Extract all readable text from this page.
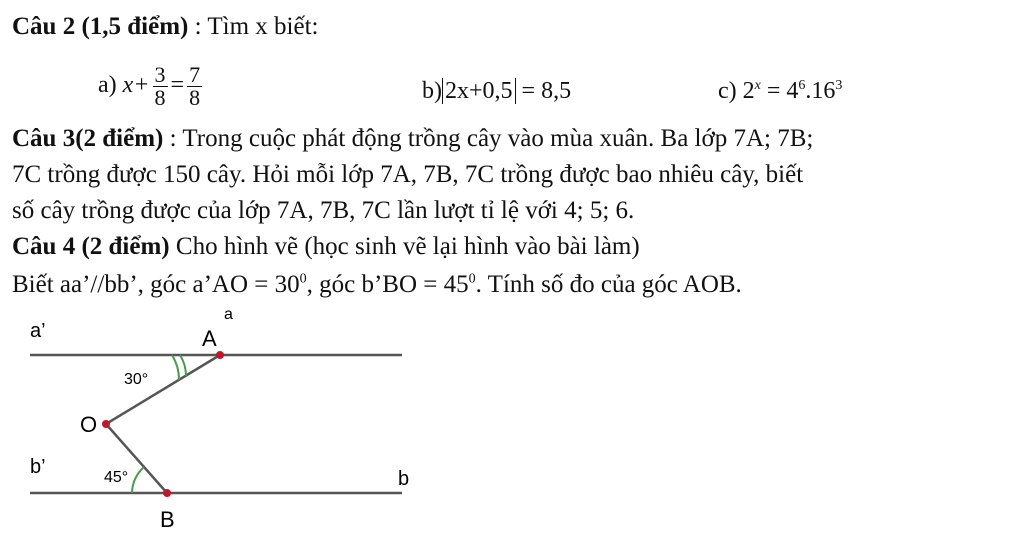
Câu 2 (1,5 điểm) : Tìm x biết:
a) $x+ \frac{3}{8} = \frac{7}{8}$	b) 2x+0,5 = 8,5	c) $2^x = 4^6.16^3$
Câu 3(2 điểm) : Trong cuộc phát động trồng cây vào mùa xuân. Ba lớp 7A; 7B;
7C trồng được 150 cây. Hỏi mỗi lớp 7A, 7B, 7C trồng được bao nhiêu cây, biết
số cây trồng được của lớp 7A, 7B, 7C lần lượt tỉ lệ với 4; 5; 6.
Câu 4 (2 điểm) Cho hình vẽ (học sinh vẽ lại hình vào bài làm)
Biết aa’//bb’, góc a’AO = $30^0$, góc b’BO = $45^0$. Tính số đo của góc AOB.
a’
a
A
30°
O
b’	45°	b
B
